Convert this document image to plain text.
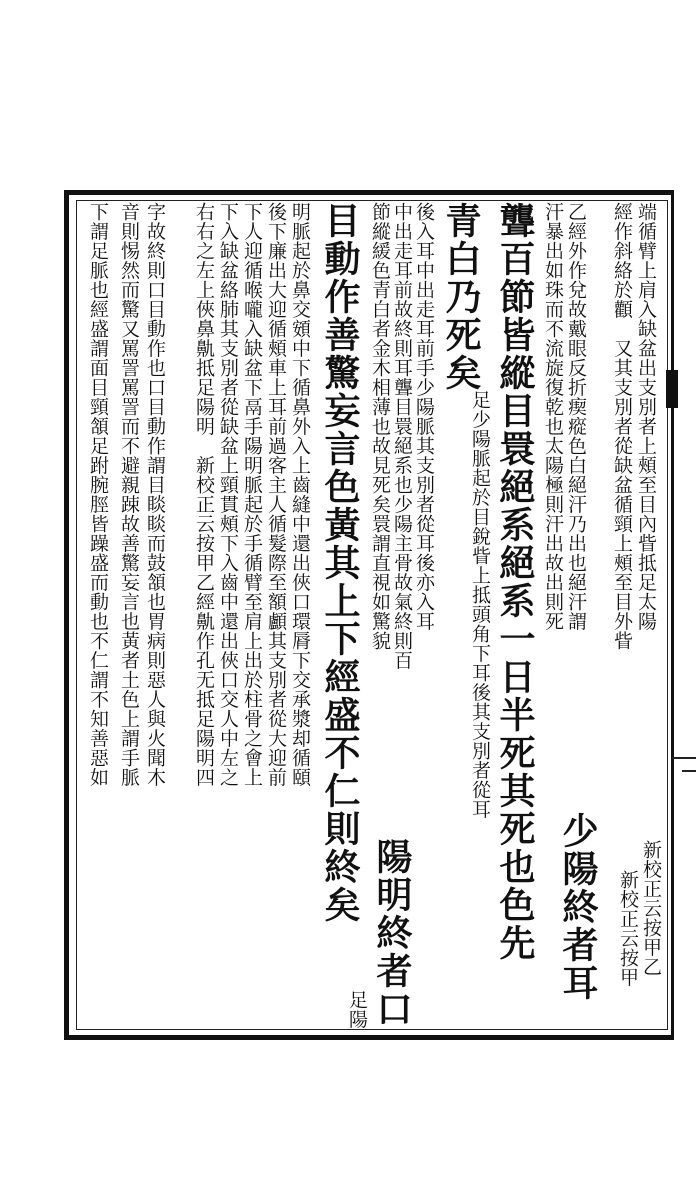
端循臂上肩入缺盆出支別者上頰至目內眥抵足太陽
經作斜絡於顴　又其支別者從缺盆循頸上頰至目外眥
乙經外作兌故戴眼反折瘈瘲色白絕汗乃出也絕汗謂
汗暴出如珠而不流旋復乾也太陽極則汗出故出則死
聾百節皆縱目睘絕系絕系一日半死其死也色先
青白乃死矣
後入耳中出走耳前手少陽脈其支別者從耳後亦入耳
中出走耳前故終則耳聾目睘絕系也少陽主骨故氣終則百
節縱緩色青白者金木相薄也故見死矣睘謂直視如驚貌
目動作善驚妄言色黃其上下經盛不仁則終矣
明脈起於鼻交頞中下循鼻外入上齒縫中還出俠口環脣下交承漿却循頤
後下廉出大迎循頰車上耳前過客主人循髮際至額顱其支別者從大迎前
下人迎循喉嚨入缺盆下鬲手陽明脈起於手循臂至肩上出於柱骨之會上
下入缺盆絡肺其支別者從缺盆上頸貫頰下入齒中還出俠口交人中左之
右右之左上俠鼻鼽抵足陽明　新校正云按甲乙經鼽作孔无抵足陽明四
字故終則口目動作也口目動作謂目睒睒而鼓頷也胃病則惡人與火聞木
音則惕然而驚又罵詈罵詈而不避親踈故善驚妄言也黃者土色上謂手脈
下謂足脈也經盛謂面目頸頷足跗腕脛皆躁盛而動也不仁謂不知善惡如
新校正云按甲乙
新校正云按甲
少陽終者耳
足少陽脈起於目銳眥上抵頭角下耳後其支別者從耳
陽明終者口
足陽
